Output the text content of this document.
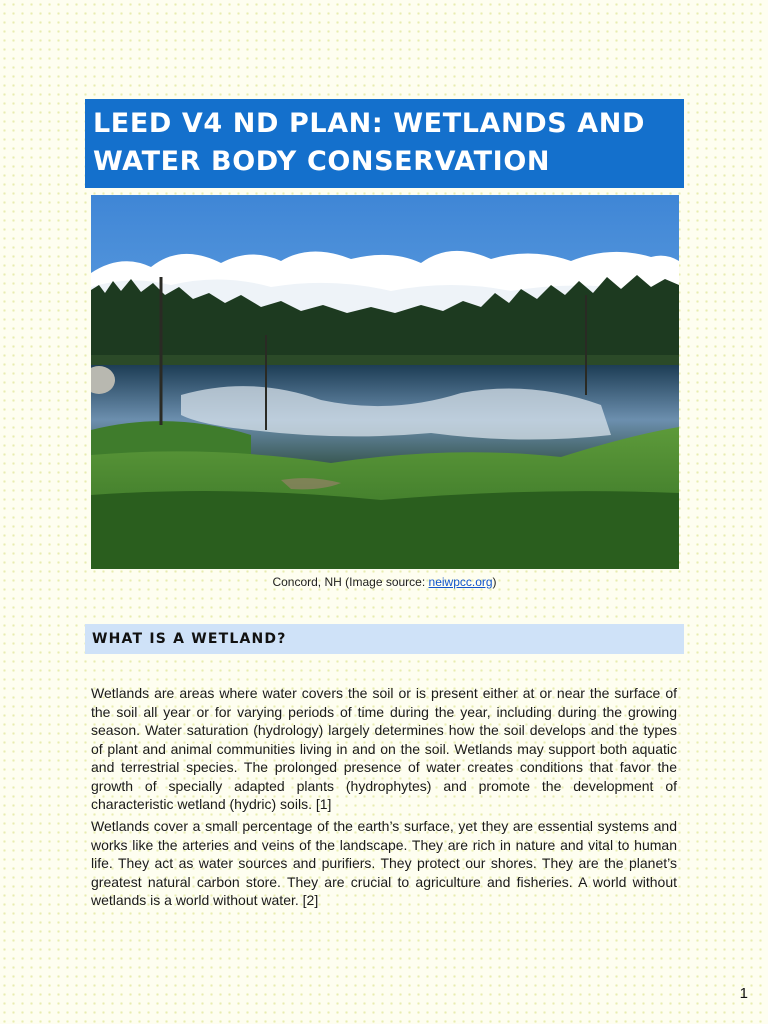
LEED V4 ND PLAN: WETLANDS AND WATER BODY CONSERVATION
Concord, NH (Image source: neiwpcc.org)
WHAT IS A WETLAND?

Wetlands are areas where water covers the soil or is present either at or near the surface of the soil all year or for varying periods of time during the year, including during the growing season. Water saturation (hydrology) largely determines how the soil develops and the types of plant and animal communities living in and on the soil. Wetlands may support both aquatic and terrestrial species. The prolonged presence of water creates conditions that favor the growth of specially adapted plants (hydrophytes) and promote the development of characteristic wetland (hydric) soils. [1]

Wetlands cover a small percentage of the earth’s surface, yet they are essential systems and works like the arteries and veins of the landscape. They are rich in nature and vital to human life. They act as water sources and purifiers. They protect our shores. They are the planet’s greatest natural carbon store. They are crucial to agriculture and fisheries. A world without wetlands is a world without water. [2]

1
